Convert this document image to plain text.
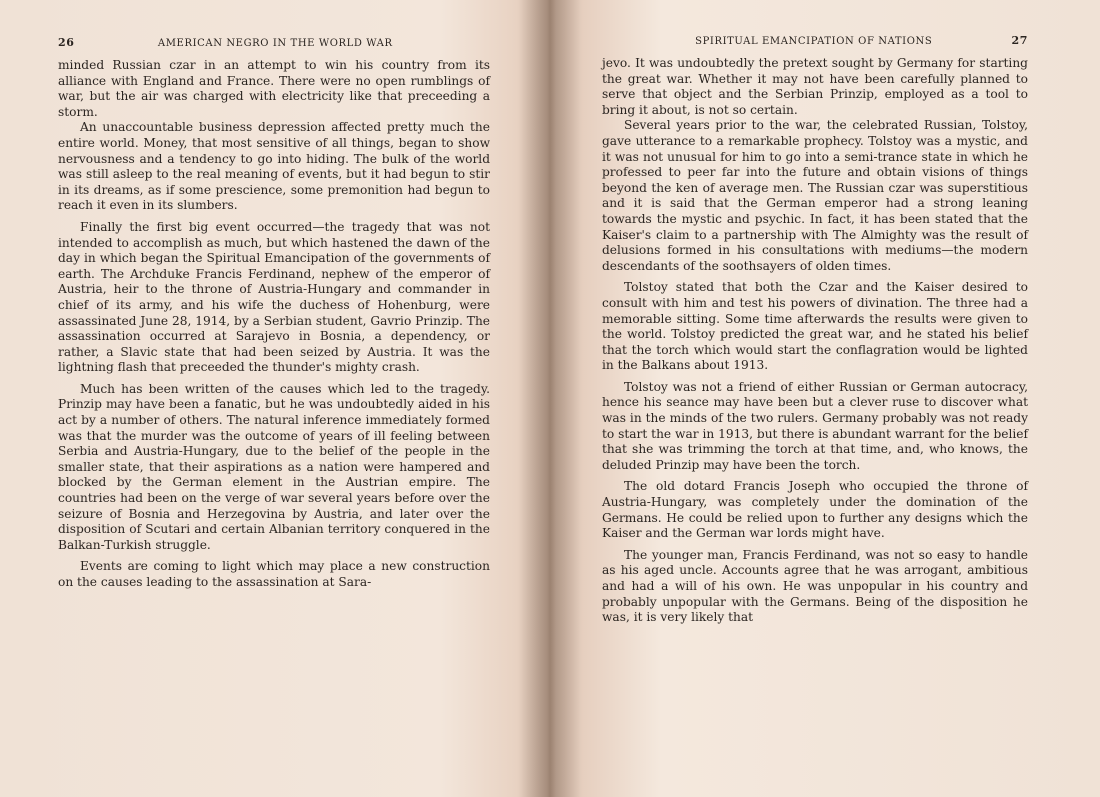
26	AMERICAN NEGRO IN THE WORLD WAR

minded Russian czar in an attempt to win his country from its alliance with England and France. There were no open rumblings of war, but the air was charged with electricity like that preceeding a storm.

An unaccountable business depression affected pretty much the entire world. Money, that most sensitive of all things, began to show nervousness and a tendency to go into hiding. The bulk of the world was still asleep to the real meaning of events, but it had begun to stir in its dreams, as if some prescience, some premonition had begun to reach it even in its slumbers.

Finally the first big event occurred—the tragedy that was not intended to accomplish as much, but which hastened the dawn of the day in which began the Spiritual Emancipation of the governments of earth. The Archduke Francis Ferdinand, nephew of the emperor of Austria, heir to the throne of Austria-Hungary and commander in chief of its army, and his wife the duchess of Hohenburg, were assassinated June 28, 1914, by a Serbian student, Gavrio Prinzip. The assassination occurred at Sarajevo in Bosnia, a dependency, or rather, a Slavic state that had been seized by Austria. It was the lightning flash that preceeded the thunder's mighty crash.

Much has been written of the causes which led to the tragedy. Prinzip may have been a fanatic, but he was undoubtedly aided in his act by a number of others. The natural inference immediately formed was that the murder was the outcome of years of ill feeling between Serbia and Austria-Hungary, due to the belief of the people in the smaller state, that their aspirations as a nation were hampered and blocked by the German element in the Austrian empire. The countries had been on the verge of war several years before over the seizure of Bosnia and Herzegovina by Austria, and later over the disposition of Scutari and certain Albanian territory conquered in the Balkan-Turkish struggle.

Events are coming to light which may place a new construction on the causes leading to the assassination at Sara-

SPIRITUAL EMANCIPATION OF NATIONS	27

jevo. It was undoubtedly the pretext sought by Germany for starting the great war. Whether it may not have been carefully planned to serve that object and the Serbian Prinzip, employed as a tool to bring it about, is not so certain.

Several years prior to the war, the celebrated Russian, Tolstoy, gave utterance to a remarkable prophecy. Tolstoy was a mystic, and it was not unusual for him to go into a semi-trance state in which he professed to peer far into the future and obtain visions of things beyond the ken of average men. The Russian czar was superstitious and it is said that the German emperor had a strong leaning towards the mystic and psychic. In fact, it has been stated that the Kaiser's claim to a partnership with The Almighty was the result of delusions formed in his consultations with mediums—the modern descendants of the soothsayers of olden times.

Tolstoy stated that both the Czar and the Kaiser desired to consult with him and test his powers of divination. The three had a memorable sitting. Some time afterwards the results were given to the world. Tolstoy predicted the great war, and he stated his belief that the torch which would start the conflagration would be lighted in the Balkans about 1913.

Tolstoy was not a friend of either Russian or German autocracy, hence his seance may have been but a clever ruse to discover what was in the minds of the two rulers. Germany probably was not ready to start the war in 1913, but there is abundant warrant for the belief that she was trimming the torch at that time, and, who knows, the deluded Prinzip may have been the torch.

The old dotard Francis Joseph who occupied the throne of Austria-Hungary, was completely under the domination of the Germans. He could be relied upon to further any designs which the Kaiser and the German war lords might have.

The younger man, Francis Ferdinand, was not so easy to handle as his aged uncle. Accounts agree that he was arrogant, ambitious and had a will of his own. He was unpopular in his country and probably unpopular with the Germans. Being of the disposition he was, it is very likely that
